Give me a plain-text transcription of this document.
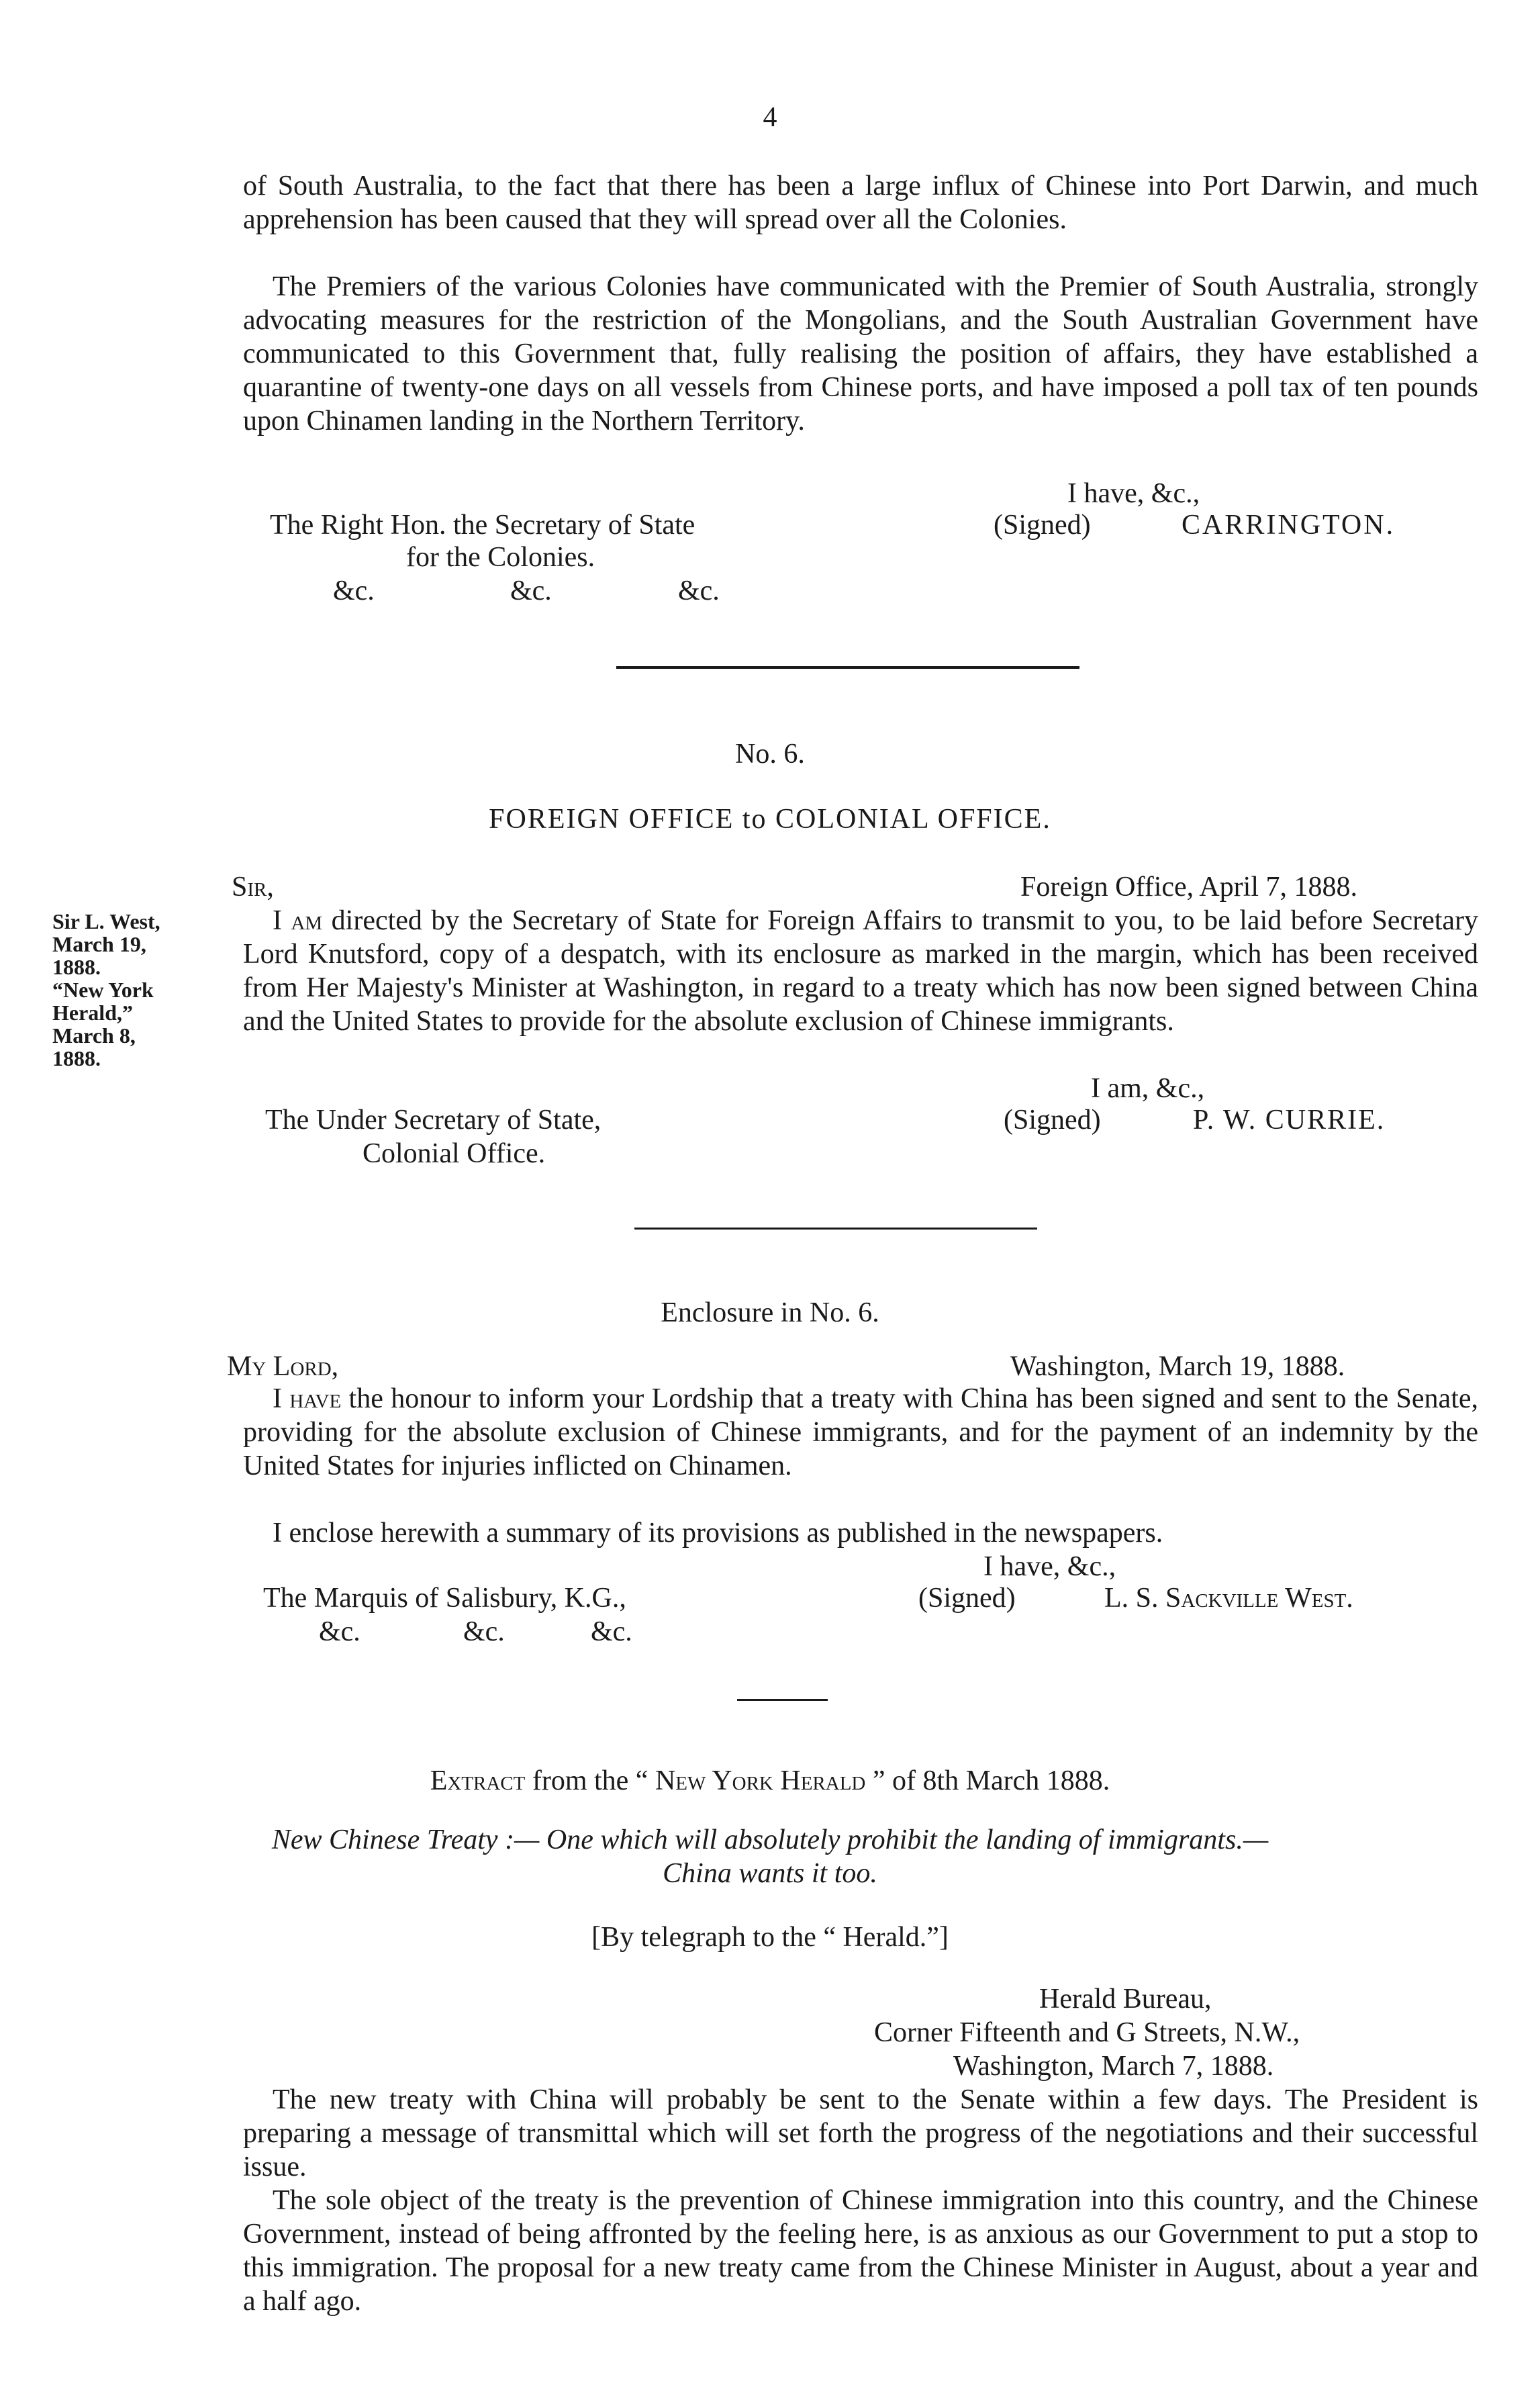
4

of South Australia, to the fact that there has been a large influx of Chinese into Port Darwin, and much apprehension has been caused that they will spread over all the Colonies.

The Premiers of the various Colonies have communicated with the Premier of South Australia, strongly advocating measures for the restriction of the Mongolians, and the South Australian Government have communicated to this Government that, fully realising the position of affairs, they have established a quarantine of twenty-one days on all vessels from Chinese ports, and have imposed a poll tax of ten pounds upon Chinamen landing in the Northern Territory.

I have, &c.,
The Right Hon. the Secretary of State	(Signed)	CARRINGTON.
for the Colonies.
&c.	&c.	&c.
No. 6.
FOREIGN OFFICE to COLONIAL OFFICE.
Sir,	Foreign Office, April 7, 1888.
Sir L. West,
March 19,
1888.
“New York
Herald,”
March 8,
1888.

I am directed by the Secretary of State for Foreign Affairs to transmit to you, to be laid before Secretary Lord Knutsford, copy of a despatch, with its enclosure as marked in the margin, which has been received from Her Majesty's Minister at Washington, in regard to a treaty which has now been signed between China and the United States to provide for the absolute exclusion of Chinese immigrants.

I am, &c.,
The Under Secretary of State,	(Signed)	P. W. CURRIE.
Colonial Office.
Enclosure in No. 6.
My Lord,	Washington, March 19, 1888.

I have the honour to inform your Lordship that a treaty with China has been signed and sent to the Senate, providing for the absolute exclusion of Chinese immigrants, and for the payment of an indemnity by the United States for injuries inflicted on Chinamen.

I enclose herewith a summary of its provisions as published in the newspapers.

I have, &c.,
The Marquis of Salisbury, K.G.,	(Signed)	L. S. Sackville West.
&c.	&c.	&c.
Extract from the “ New York Herald ” of 8th March 1888.
New Chinese Treaty :— One which will absolutely prohibit the landing of immigrants.—
China wants it too.
[By telegraph to the “ Herald.”]
Herald Bureau,
Corner Fifteenth and G Streets, N.W.,
Washington, March 7, 1888.

The new treaty with China will probably be sent to the Senate within a few days. The President is preparing a message of transmittal which will set forth the progress of the negotiations and their successful issue.

The sole object of the treaty is the prevention of Chinese immigration into this country, and the Chinese Government, instead of being affronted by the feeling here, is as anxious as our Government to put a stop to this immigration. The proposal for a new treaty came from the Chinese Minister in August, about a year and a half ago.
